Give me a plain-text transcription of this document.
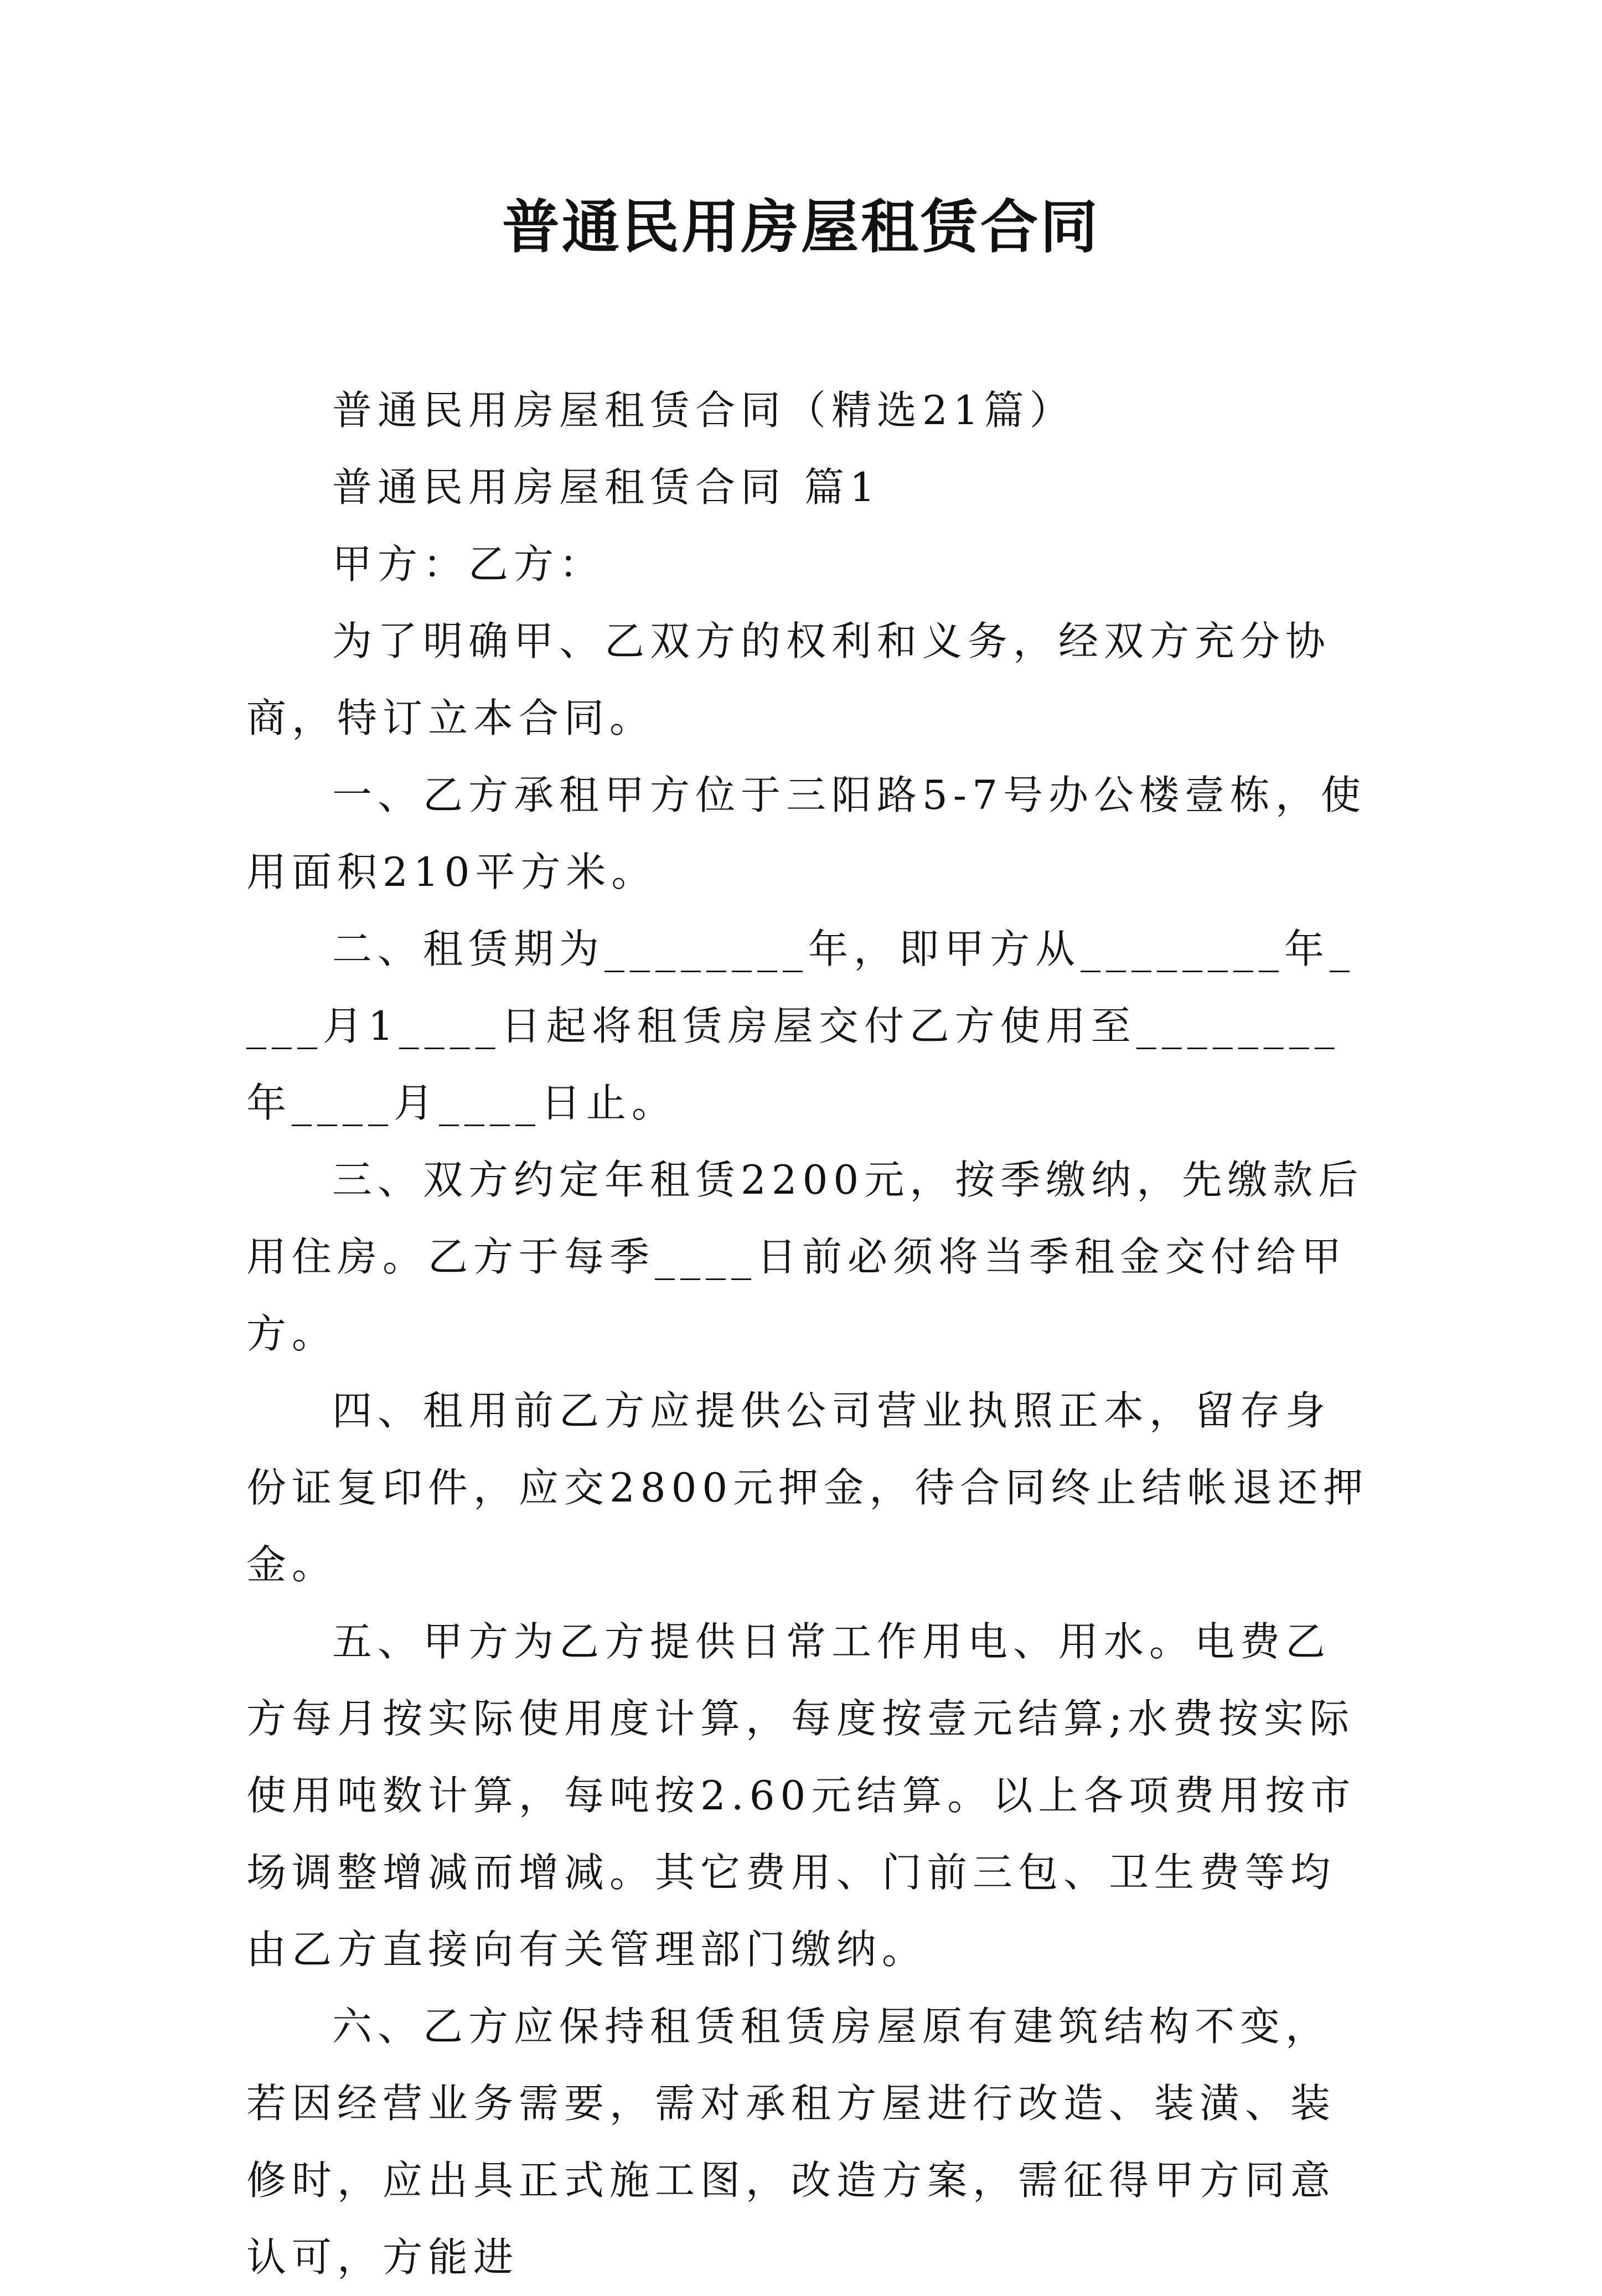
普通民用房屋租赁合同

普通民用房屋租赁合同（精选21篇）

普通民用房屋租赁合同 篇1

甲方：乙方：

为了明确甲、乙双方的权利和义务，经双方充分协商，特订立本合同。

一、乙方承租甲方位于三阳路5-7号办公楼壹栋，使用面积210平方米。

二、租赁期为________年，即甲方从________年____月1____日起将租赁房屋交付乙方使用至________年____月____日止。

三、双方约定年租赁2200元，按季缴纳，先缴款后用住房。乙方于每季____日前必须将当季租金交付给甲方。

四、租用前乙方应提供公司营业执照正本，留存身份证复印件，应交2800元押金，待合同终止结帐退还押金。

五、甲方为乙方提供日常工作用电、用水。电费乙方每月按实际使用度计算，每度按壹元结算;水费按实际使用吨数计算，每吨按2.60元结算。以上各项费用按市场调整增减而增减。其它费用、门前三包、卫生费等均由乙方直接向有关管理部门缴纳。

六、乙方应保持租赁租赁房屋原有建筑结构不变，若因经营业务需要，需对承租方屋进行改造、装潢、装修时，应出具正式施工图，改造方案，需征得甲方同意认可，方能进
